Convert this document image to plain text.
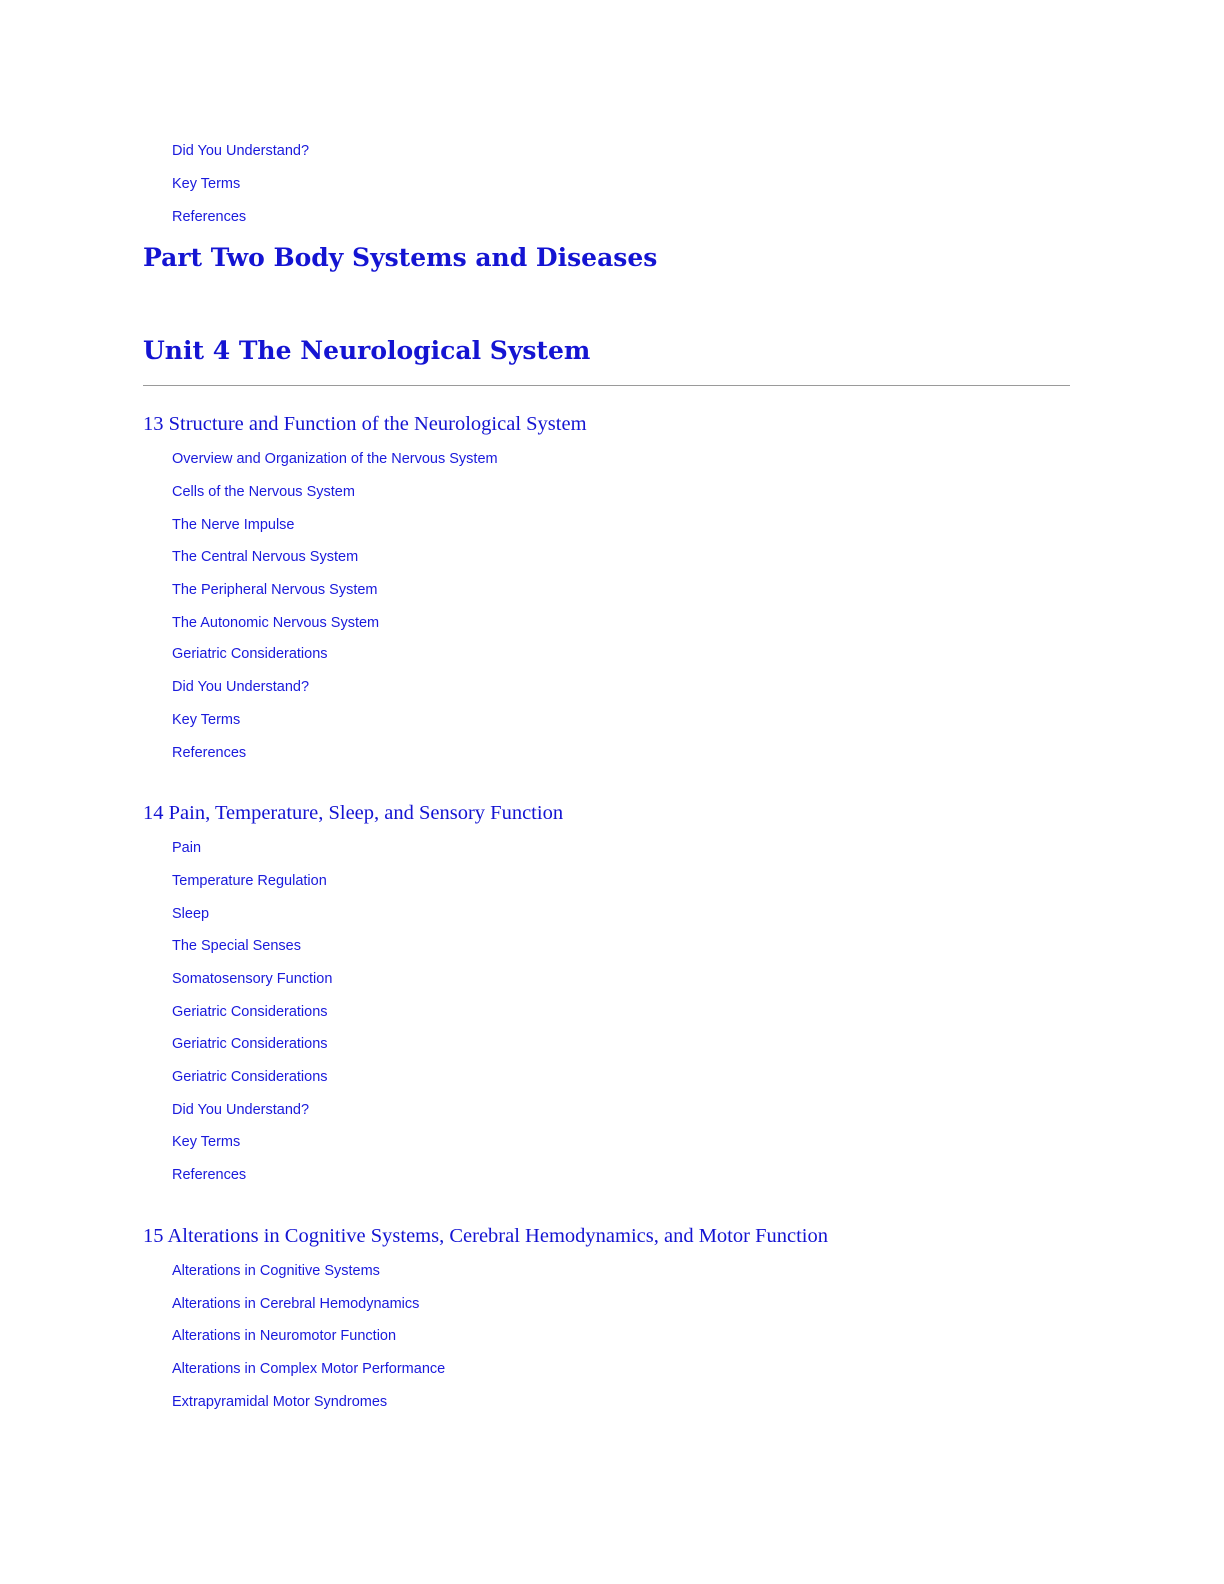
Did You Understand?
Key Terms
References
Part Two Body Systems and Diseases
Unit 4 The Neurological System
13 Structure and Function of the Neurological System
Overview and Organization of the Nervous System
Cells of the Nervous System
The Nerve Impulse
The Central Nervous System
The Peripheral Nervous System
The Autonomic Nervous System
Geriatric Considerations
Did You Understand?
Key Terms
References
14 Pain, Temperature, Sleep, and Sensory Function
Pain
Temperature Regulation
Sleep
The Special Senses
Somatosensory Function
Geriatric Considerations
Geriatric Considerations
Geriatric Considerations
Did You Understand?
Key Terms
References
15 Alterations in Cognitive Systems, Cerebral Hemodynamics, and Motor Function
Alterations in Cognitive Systems
Alterations in Cerebral Hemodynamics
Alterations in Neuromotor Function
Alterations in Complex Motor Performance
Extrapyramidal Motor Syndromes
